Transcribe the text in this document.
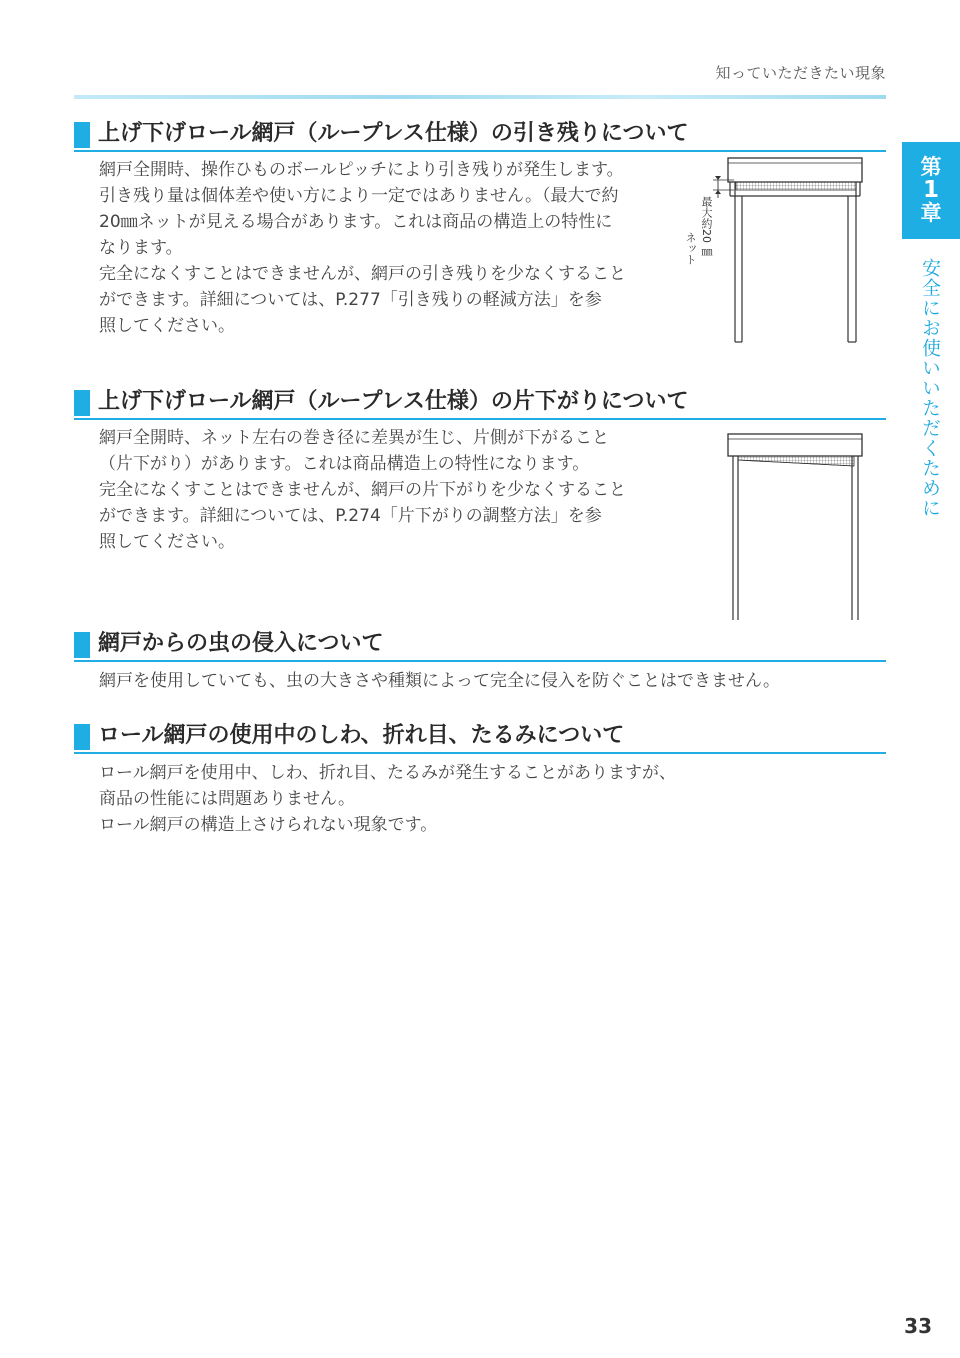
知っていただきたい現象
第
1
章
安全にお使いいただくために
上げ下げロール網戸（ループレス仕様）の引き残りについて

網戸全開時、操作ひものボールピッチにより引き残りが発生します。

引き残り量は個体差や使い方により一定ではありません。（最大で約

20㎜ネットが見える場合があります。これは商品の構造上の特性に

なります。

完全になくすことはできませんが、網戸の引き残りを少なくすること

ができます。詳細については、P.277「引き残りの軽減方法」を参

照してください。

ネット 最大約20 ㎜
上げ下げロール網戸（ループレス仕様）の片下がりについて

網戸全開時、ネット左右の巻き径に差異が生じ、片側が下がること

（片下がり）があります。これは商品構造上の特性になります。

完全になくすことはできませんが、網戸の片下がりを少なくすること

ができます。詳細については、P.274「片下がりの調整方法」を参

照してください。

網戸からの虫の侵入について

網戸を使用していても、虫の大きさや種類によって完全に侵入を防ぐことはできません。

ロール網戸の使用中のしわ、折れ目、たるみについて

ロール網戸を使用中、しわ、折れ目、たるみが発生することがありますが、

商品の性能には問題ありません。

ロール網戸の構造上さけられない現象です。

33
